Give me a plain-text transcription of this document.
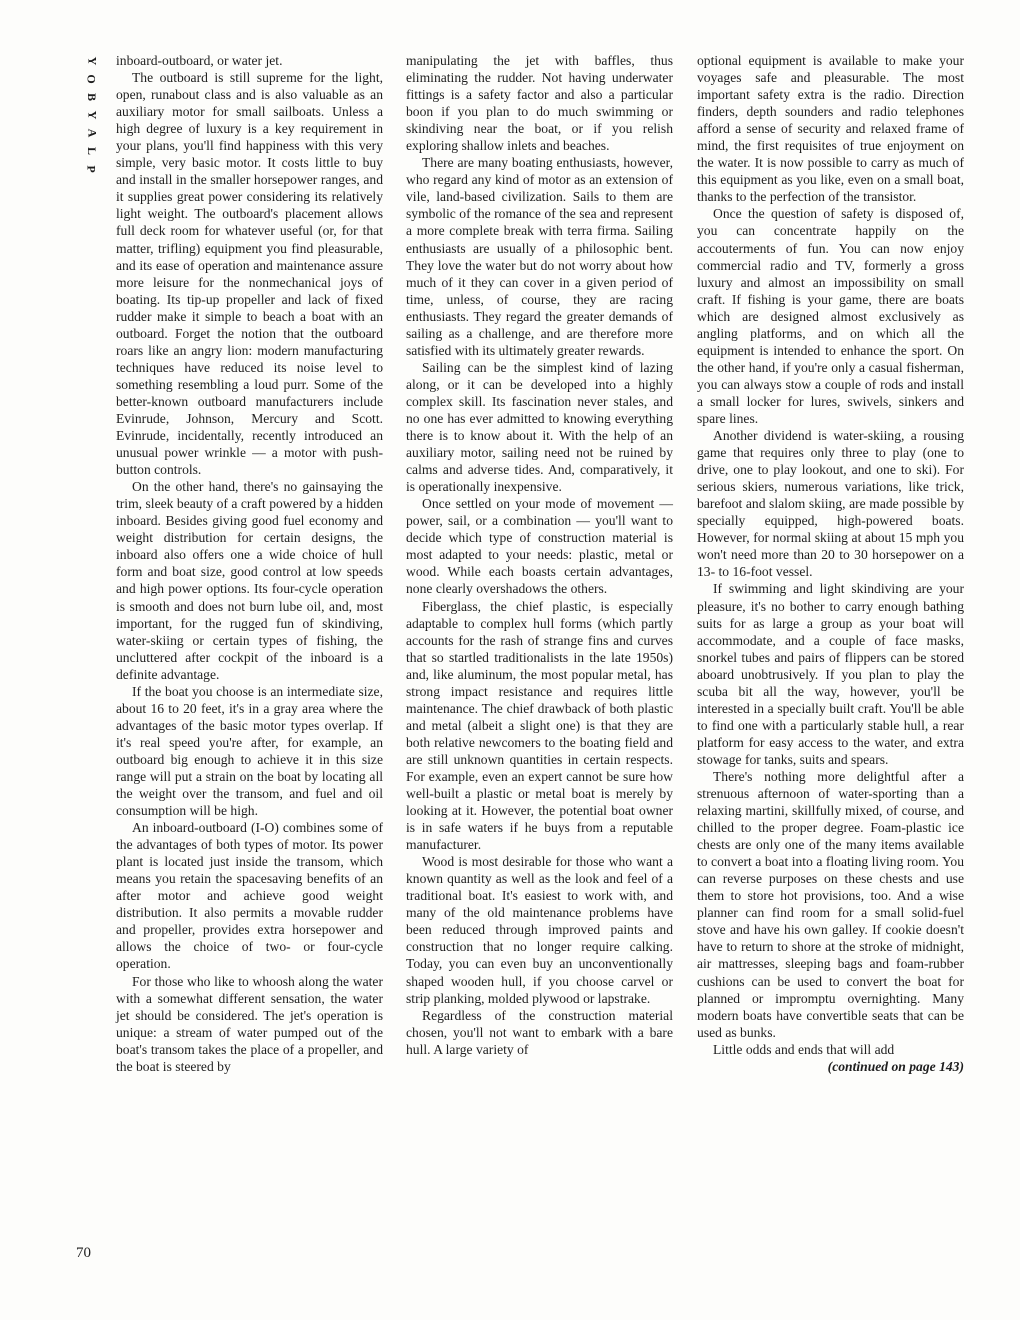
Y
O
B
Y
A
L
P

inboard-outboard, or water jet.

The outboard is still supreme for the light, open, runabout class and is also valuable as an auxiliary motor for small sailboats. Unless a high degree of luxury is a key requirement in your plans, you'll find happiness with this very simple, very basic motor. It costs little to buy and install in the smaller horsepower ranges, and it supplies great power considering its relatively light weight. The outboard's placement allows full deck room for whatever useful (or, for that matter, trifling) equipment you find pleasurable, and its ease of operation and maintenance assure more leisure for the nonmechanical joys of boating. Its tip-up propeller and lack of fixed rudder make it simple to beach a boat with an outboard. Forget the notion that the outboard roars like an angry lion: modern manufacturing techniques have reduced its noise level to something resembling a loud purr. Some of the better-known outboard manufacturers include Evinrude, Johnson, Mercury and Scott. Evinrude, incidentally, recently introduced an unusual power wrinkle — a motor with push-button controls.

On the other hand, there's no gainsaying the trim, sleek beauty of a craft powered by a hidden inboard. Besides giving good fuel economy and weight distribution for certain designs, the inboard also offers one a wide choice of hull form and boat size, good control at low speeds and high power options. Its four-cycle operation is smooth and does not burn lube oil, and, most important, for the rugged fun of skindiving, water-skiing or certain types of fishing, the uncluttered after cockpit of the inboard is a definite advantage.

If the boat you choose is an intermediate size, about 16 to 20 feet, it's in a gray area where the advantages of the basic motor types overlap. If it's real speed you're after, for example, an outboard big enough to achieve it in this size range will put a strain on the boat by locating all the weight over the transom, and fuel and oil consumption will be high.

An inboard-outboard (I-O) combines some of the advantages of both types of motor. Its power plant is located just inside the transom, which means you retain the spacesaving benefits of an after motor and achieve good weight distribution. It also permits a movable rudder and propeller, provides extra horsepower and allows the choice of two- or four-cycle operation.

For those who like to whoosh along the water with a somewhat different sensation, the water jet should be considered. The jet's operation is unique: a stream of water pumped out of the boat's transom takes the place of a propeller, and the boat is steered by

manipulating the jet with baffles, thus eliminating the rudder. Not having underwater fittings is a safety factor and also a particular boon if you plan to do much swimming or skindiving near the boat, or if you relish exploring shallow inlets and beaches.

There are many boating enthusiasts, however, who regard any kind of motor as an extension of vile, land-based civilization. Sails to them are symbolic of the romance of the sea and represent a more complete break with terra firma. Sailing enthusiasts are usually of a philosophic bent. They love the water but do not worry about how much of it they can cover in a given period of time, unless, of course, they are racing enthusiasts. They regard the greater demands of sailing as a challenge, and are therefore more satisfied with its ultimately greater rewards.

Sailing can be the simplest kind of lazing along, or it can be developed into a highly complex skill. Its fascination never stales, and no one has ever admitted to knowing everything there is to know about it. With the help of an auxiliary motor, sailing need not be ruined by calms and adverse tides. And, comparatively, it is operationally inexpensive.

Once settled on your mode of movement — power, sail, or a combination — you'll want to decide which type of construction material is most adapted to your needs: plastic, metal or wood. While each boasts certain advantages, none clearly overshadows the others.

Fiberglass, the chief plastic, is especially adaptable to complex hull forms (which partly accounts for the rash of strange fins and curves that so startled traditionalists in the late 1950s) and, like aluminum, the most popular metal, has strong impact resistance and requires little maintenance. The chief drawback of both plastic and metal (albeit a slight one) is that they are both relative newcomers to the boating field and are still unknown quantities in certain respects. For example, even an expert cannot be sure how well-built a plastic or metal boat is merely by looking at it. However, the potential boat owner is in safe waters if he buys from a reputable manufacturer.

Wood is most desirable for those who want a known quantity as well as the look and feel of a traditional boat. It's easiest to work with, and many of the old maintenance problems have been reduced through improved paints and construction that no longer require calking. Today, you can even buy an unconventionally shaped wooden hull, if you choose carvel or strip planking, molded plywood or lapstrake.

Regardless of the construction material chosen, you'll not want to embark with a bare hull. A large variety of

optional equipment is available to make your voyages safe and pleasurable. The most important safety extra is the radio. Direction finders, depth sounders and radio telephones afford a sense of security and relaxed frame of mind, the first requisites of true enjoyment on the water. It is now possible to carry as much of this equipment as you like, even on a small boat, thanks to the perfection of the transistor.

Once the question of safety is disposed of, you can concentrate happily on the accouterments of fun. You can now enjoy commercial radio and TV, formerly a gross luxury and almost an impossibility on small craft. If fishing is your game, there are boats which are designed almost exclusively as angling platforms, and on which all the equipment is intended to enhance the sport. On the other hand, if you're only a casual fisherman, you can always stow a couple of rods and install a small locker for lures, swivels, sinkers and spare lines.

Another dividend is water-skiing, a rousing game that requires only three to play (one to drive, one to play lookout, and one to ski). For serious skiers, numerous variations, like trick, barefoot and slalom skiing, are made possible by specially equipped, high-powered boats. However, for normal skiing at about 15 mph you won't need more than 20 to 30 horsepower on a 13- to 16-foot vessel.

If swimming and light skindiving are your pleasure, it's no bother to carry enough bathing suits for as large a group as your boat will accommodate, and a couple of face masks, snorkel tubes and pairs of flippers can be stored aboard unobtrusively. If you plan to play the scuba bit all the way, however, you'll be interested in a specially built craft. You'll be able to find one with a particularly stable hull, a rear platform for easy access to the water, and extra stowage for tanks, suits and spears.

There's nothing more delightful after a strenuous afternoon of water-sporting than a relaxing martini, skillfully mixed, of course, and chilled to the proper degree. Foam-plastic ice chests are only one of the many items available to convert a boat into a floating living room. You can reverse purposes on these chests and use them to store hot provisions, too. And a wise planner can find room for a small solid-fuel stove and have his own galley. If cookie doesn't have to return to shore at the stroke of midnight, air mattresses, sleeping bags and foam-rubber cushions can be used to convert the boat for planned or impromptu overnighting. Many modern boats have convertible seats that can be used as bunks.

Little odds and ends that will add

(continued on page 143)

70
